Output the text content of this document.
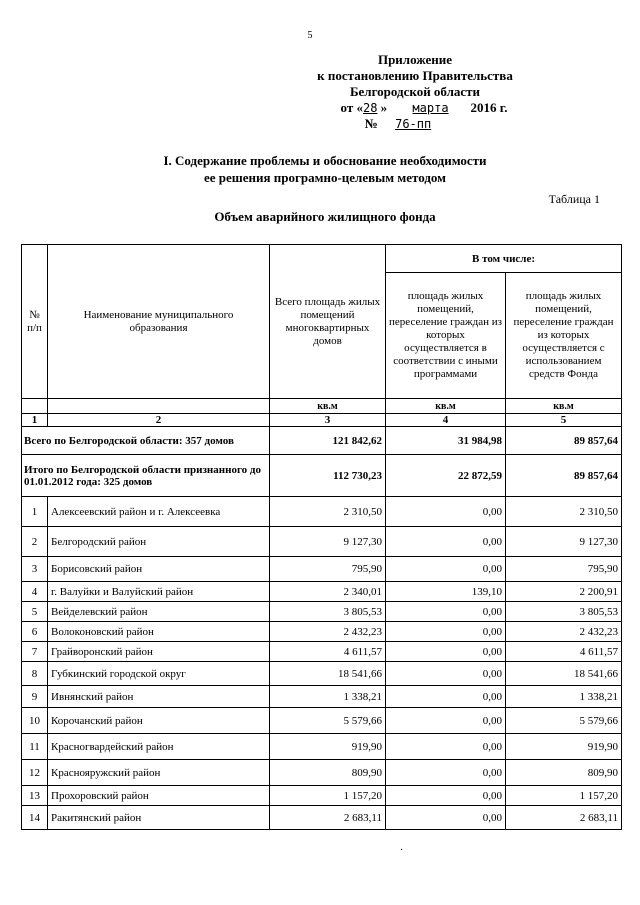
5
Приложение
к постановлению Правительства
Белгородской области
от «28 » марта 2016 г.
№ 76-пп
I. Содержание проблемы и обоснование необходимости
ее решения програмно-целевым методом
Таблица 1
Объем аварийного жилищного фонда
№ п/п	Наименование муниципального образования	Всего площадь жилых помещений многоквартирных домов	В том числе:	
			площадь жилых помещений, переселение граждан из которых осуществляется в соответствии с иными программами	площадь жилых помещений, переселение граждан из которых осуществляется с использованием средств Фонда
		кв.м	кв.м	кв.м
1	2	3	4	5
Всего по Белгородской области: 357 домов		121 842,62	31 984,98	89 857,64
Итого по Белгородской области признанного до 01.01.2012 года: 325 домов		112 730,23	22 872,59	89 857,64
1	Алексеевский район и г. Алексеевка	2 310,50	0,00	2 310,50
2	Белгородский район	9 127,30	0,00	9 127,30
3	Борисовский район	795,90	0,00	795,90
4	г. Валуйки и Валуйский район	2 340,01	139,10	2 200,91
5	Вейделевский район	3 805,53	0,00	3 805,53
6	Волоконовский район	2 432,23	0,00	2 432,23
7	Грайворонский район	4 611,57	0,00	4 611,57
8	Губкинский городской округ	18 541,66	0,00	18 541,66
9	Ивнянский район	1 338,21	0,00	1 338,21
10	Корочанский район	5 579,66	0,00	5 579,66
11	Красногвардейский район	919,90	0,00	919,90
12	Краснояружский район	809,90	0,00	809,90
13	Прохоровский район	1 157,20	0,00	1 157,20
14	Ракитянский район	2 683,11	0,00	2 683,11
·
